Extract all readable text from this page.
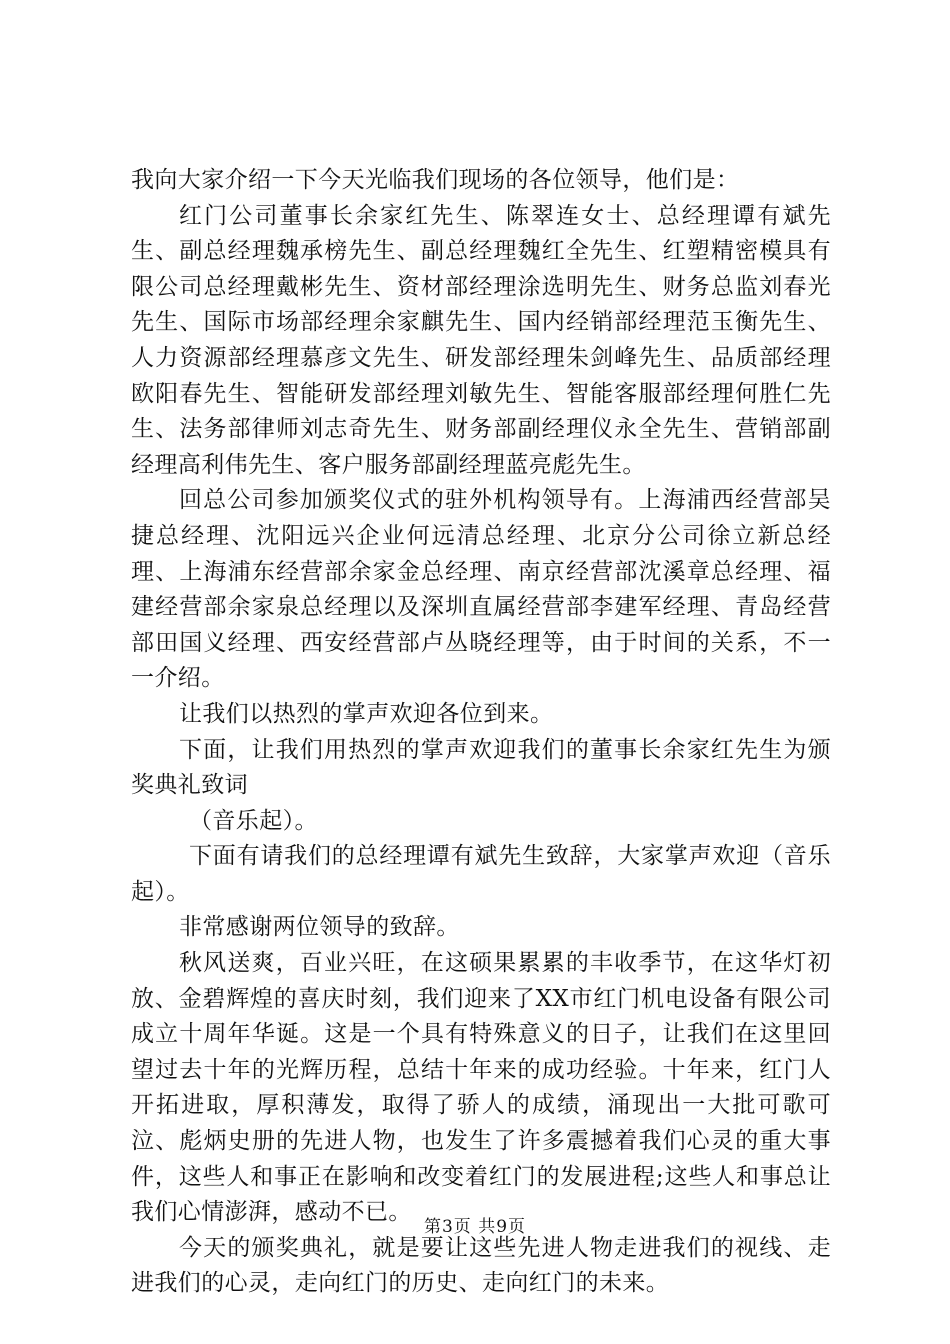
我向大家介绍一下今天光临我们现场的各位领导，他们是：

红门公司董事长余家红先生、陈翠连女士、总经理谭有斌先生、副总经理魏承榜先生、副总经理魏红全先生、红塑精密模具有限公司总经理戴彬先生、资材部经理涂选明先生、财务总监刘春光先生、国际市场部经理余家麒先生、国内经销部经理范玉衡先生、人力资源部经理慕彦文先生、研发部经理朱剑峰先生、品质部经理欧阳春先生、智能研发部经理刘敏先生、智能客服部经理何胜仁先生、法务部律师刘志奇先生、财务部副经理仪永全先生、营销部副经理高利伟先生、客户服务部副经理蓝亮彪先生。

回总公司参加颁奖仪式的驻外机构领导有。上海浦西经营部吴捷总经理、沈阳远兴企业何远清总经理、北京分公司徐立新总经理、上海浦东经营部余家金总经理、南京经营部沈溪章总经理、福建经营部余家泉总经理以及深圳直属经营部李建军经理、青岛经营部田国义经理、西安经营部卢丛晓经理等，由于时间的关系，不一一介绍。

让我们以热烈的掌声欢迎各位到来。

下面，让我们用热烈的掌声欢迎我们的董事长余家红先生为颁奖典礼致词

（音乐起）。

下面有请我们的总经理谭有斌先生致辞，大家掌声欢迎（音乐起）。

非常感谢两位领导的致辞。

秋风送爽，百业兴旺，在这硕果累累的丰收季节，在这华灯初放、金碧辉煌的喜庆时刻，我们迎来了XX市红门机电设备有限公司成立十周年华诞。这是一个具有特殊意义的日子，让我们在这里回望过去十年的光辉历程，总结十年来的成功经验。十年来，红门人开拓进取，厚积薄发，取得了骄人的成绩，涌现出一大批可歌可泣、彪炳史册的先进人物，也发生了许多震撼着我们心灵的重大事件，这些人和事正在影响和改变着红门的发展进程;这些人和事总让我们心情澎湃，感动不已。

今天的颁奖典礼，就是要让这些先进人物走进我们的视线、走进我们的心灵，走向红门的历史、走向红门的未来。

第3页 共9页
